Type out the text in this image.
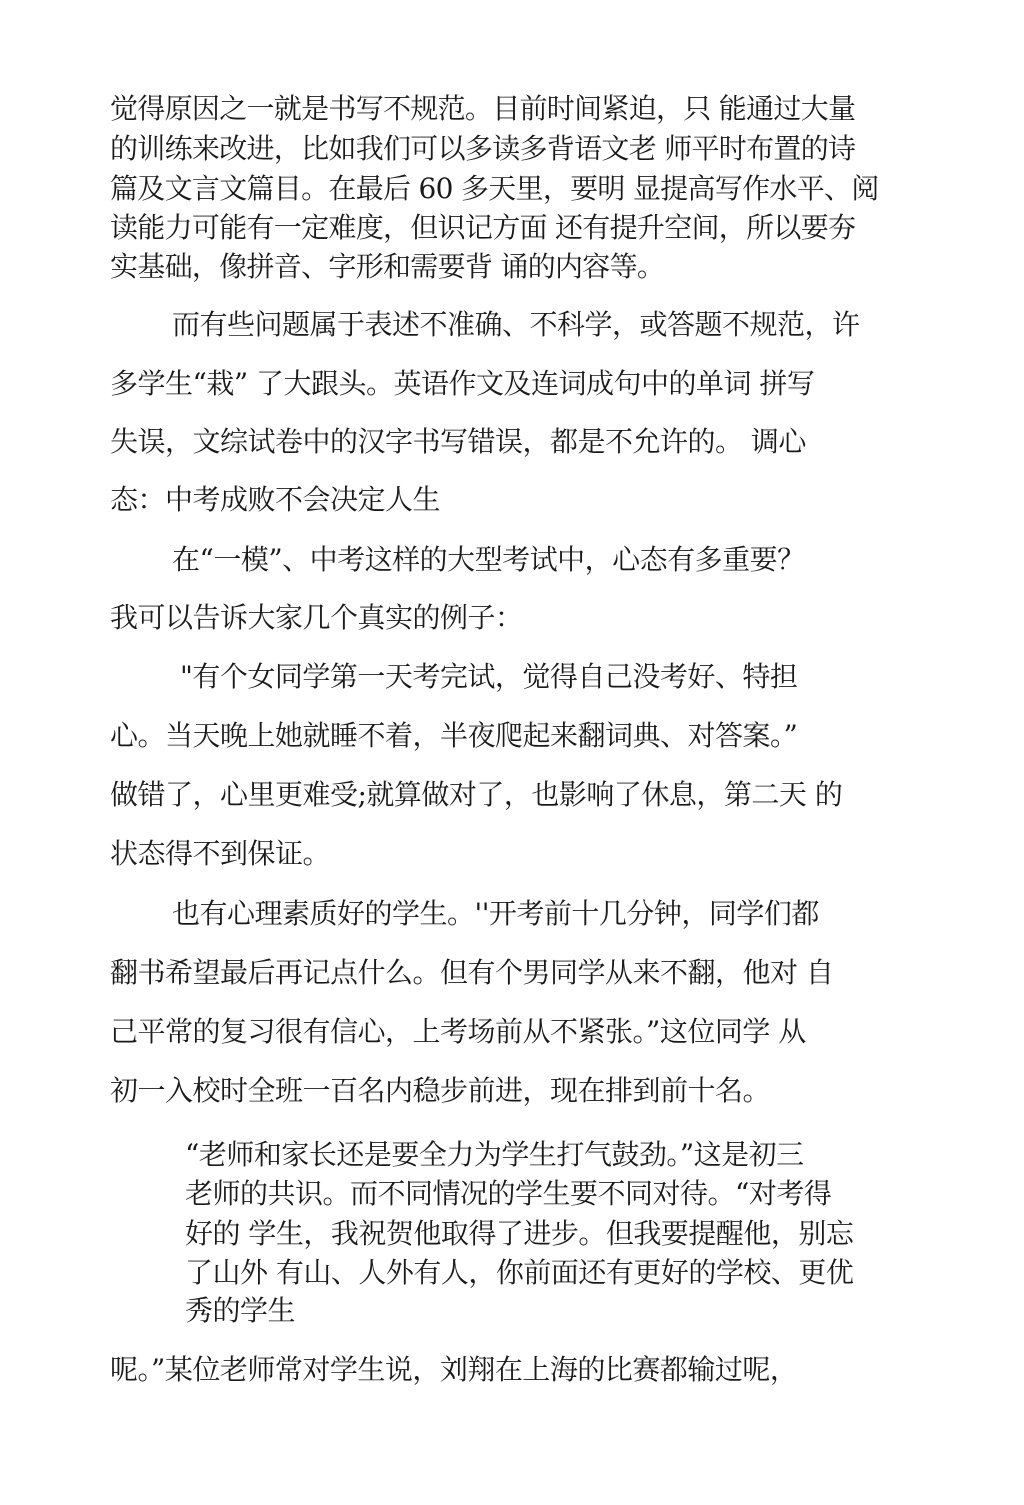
觉得原因之一就是书写不规范。目前时间紧迫，只 能通过大量

的训练来改进，比如我们可以多读多背语文老 师平时布置的诗

篇及文言文篇目。在最后 60 多天里，要明 显提高写作水平、阅

读能力可能有一定难度，但识记方面 还有提升空间，所以要夯

实基础，像拼音、字形和需要背 诵的内容等。

而有些问题属于表述不准确、不科学，或答题不规范，许

多学生“栽” 了大跟头。英语作文及连词成句中的单词 拼写

失误，文综试卷中的汉字书写错误，都是不允许的。 调心

态：中考成败不会决定人生

在“一模”、中考这样的大型考试中，心态有多重要？

我可以告诉大家几个真实的例子：

"有个女同学第一天考完试，觉得自己没考好、特担

心。当天晚上她就睡不着，半夜爬起来翻词典、对答案。”

做错了，心里更难受;就算做对了，也影响了休息，第二天 的

状态得不到保证。

也有心理素质好的学生。''开考前十几分钟，同学们都

翻书希望最后再记点什么。但有个男同学从来不翻，他对 自

己平常的复习很有信心，上考场前从不紧张。”这位同学 从

初一入校时全班一百名内稳步前进，现在排到前十名。

“老师和家长还是要全力为学生打气鼓劲。”这是初三

老师的共识。而不同情况的学生要不同对待。“对考得

好的 学生，我祝贺他取得了进步。但我要提醒他，别忘

了山外 有山、人外有人，你前面还有更好的学校、更优

秀的学生

呢。”某位老师常对学生说，刘翔在上海的比赛都输过呢，
